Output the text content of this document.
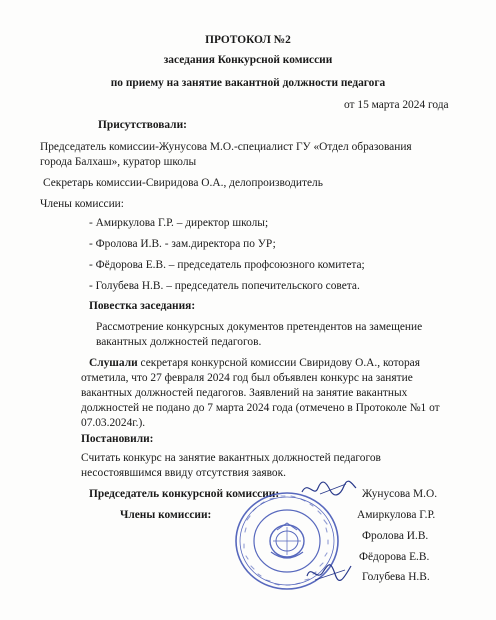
ПРОТОКОЛ №2
заседания Конкурсной комиссии
по приему на занятие вакантной должности педагога
от 15 марта 2024 года
Присутствовали:
Председатель комиссии-Жунусова М.О.-специалист ГУ «Отдел образования
города Балхаш», куратор школы
Секретарь комиссии-Свиридова О.А., делопроизводитель
Члены комиссии:
- Амиркулова Г.Р. – директор школы;
- Фролова И.В. - зам.директора по УР;
- Фёдорова Е.В. – председатель профсоюзного комитета;
- Голубева Н.В. – председатель попечительского совета.
Повестка заседания:
Рассмотрение конкурсных документов претендентов на замещение
вакантных должностей педагогов.
Слушали секретаря конкурсной комиссии Свиридову О.А., которая
отметила, что 27 февраля 2024 год был объявлен конкурс на занятие
вакантных должностей педагогов. Заявлений на занятие вакантных
должностей не подано до 7 марта 2024 года (отмечено в Протоколе №1 от
07.03.2024г.).
Постановили:
Считать конкурс на занятие вакантных должностей педагогов
несостоявшимся ввиду отсутствия заявок.
Председатель конкурсной комиссии:
Члены комиссии:
Жунусова М.О.
Амиркулова Г.Р.
Фролова И.В.
Фёдорова Е.В.
Голубева Н.В.
